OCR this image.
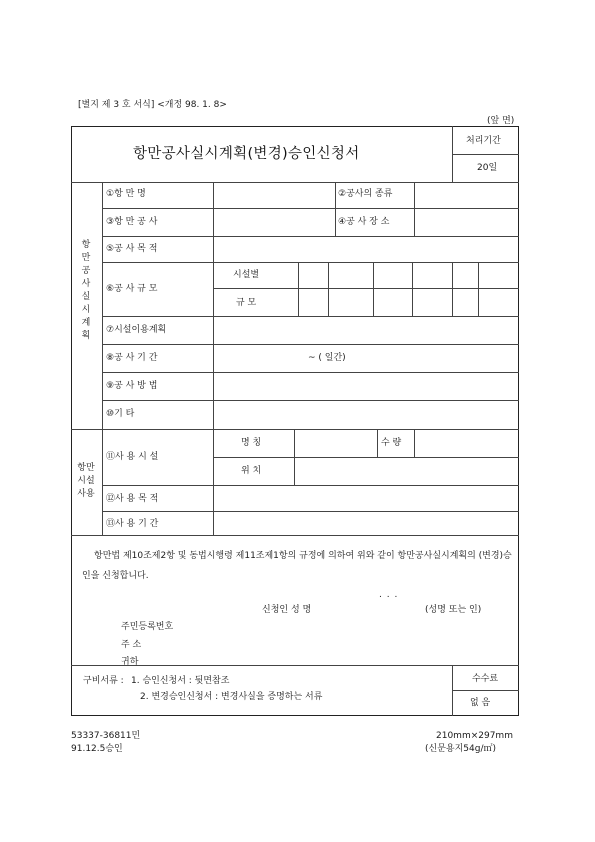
[별지 제 3 호 서식] <개정 98. 1. 8>
(앞 면)
항만공사실시계획(변경)승인신청서
처리기간
20일
항 만 공 사 실 시 계 획
①항 만 명	②공사의 종류
③항 만 공 사	④공 사 장 소
⑤공 사 목 적
⑥공 사 규 모
시설별
규 모
⑦시설이용계획
⑧공 사 기 간	~ ( 일간)
⑨공 사 방 법
⑩기 타
항만 시설 사용
⑪사 용 시 설
명 칭	수 량
위 치
⑫사 용 목 적
⑬사 용 기 간
항만법 제10조제2항 및 동법시행령 제11조제1항의 규정에 의하여 위와 같이 항만공사실시계획의 (변경)승인을 신청합니다.
. . .
신청인 성 명	(성명 또는 인)
주민등록번호
주 소
귀하
구비서류 : 1. 승인신청서 : 뒷면참조
2. 변경승인신청서 : 변경사실을 증명하는 서류
수수료
없 음
53337-36811민
91.12.5승인
210mm×297mm
(신문용지54g/㎡)
